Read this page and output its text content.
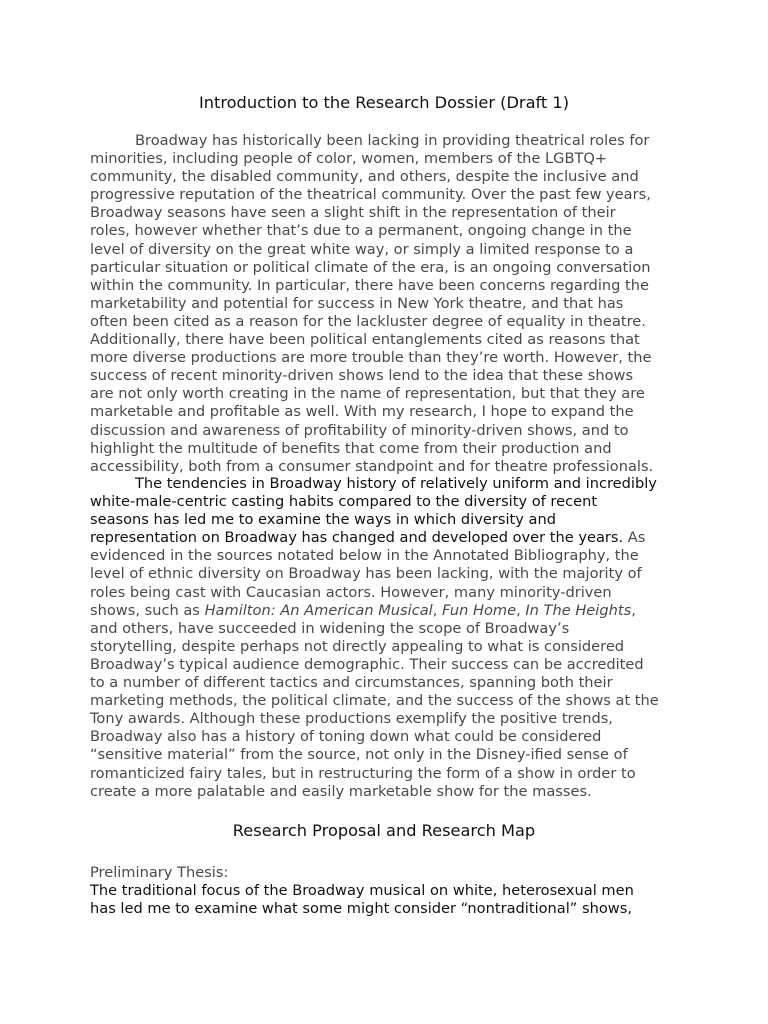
Introduction to the Research Dossier (Draft 1)
Broadway has historically been lacking in providing theatrical roles for
minorities, including people of color, women, members of the LGBTQ+
community, the disabled community, and others, despite the inclusive and
progressive reputation of the theatrical community. Over the past few years,
Broadway seasons have seen a slight shift in the representation of their
roles, however whether that’s due to a permanent, ongoing change in the
level of diversity on the great white way, or simply a limited response to a
particular situation or political climate of the era, is an ongoing conversation
within the community. In particular, there have been concerns regarding the
marketability and potential for success in New York theatre, and that has
often been cited as a reason for the lackluster degree of equality in theatre.
Additionally, there have been political entanglements cited as reasons that
more diverse productions are more trouble than they’re worth. However, the
success of recent minority-driven shows lend to the idea that these shows
are not only worth creating in the name of representation, but that they are
marketable and profitable as well. With my research, I hope to expand the
discussion and awareness of profitability of minority-driven shows, and to
highlight the multitude of benefits that come from their production and
accessibility, both from a consumer standpoint and for theatre professionals.
The tendencies in Broadway history of relatively uniform and incredibly
white-male-centric casting habits compared to the diversity of recent
seasons has led me to examine the ways in which diversity and
representation on Broadway has changed and developed over the years. As
evidenced in the sources notated below in the Annotated Bibliography, the
level of ethnic diversity on Broadway has been lacking, with the majority of
roles being cast with Caucasian actors. However, many minority-driven
shows, such as Hamilton: An American Musical, Fun Home, In The Heights,
and others, have succeeded in widening the scope of Broadway’s
storytelling, despite perhaps not directly appealing to what is considered
Broadway’s typical audience demographic. Their success can be accredited
to a number of different tactics and circumstances, spanning both their
marketing methods, the political climate, and the success of the shows at the
Tony awards. Although these productions exemplify the positive trends,
Broadway also has a history of toning down what could be considered
“sensitive material” from the source, not only in the Disney-ified sense of
romanticized fairy tales, but in restructuring the form of a show in order to
create a more palatable and easily marketable show for the masses.
Research Proposal and Research Map
Preliminary Thesis:
The traditional focus of the Broadway musical on white, heterosexual men
has led me to examine what some might consider “nontraditional” shows,
